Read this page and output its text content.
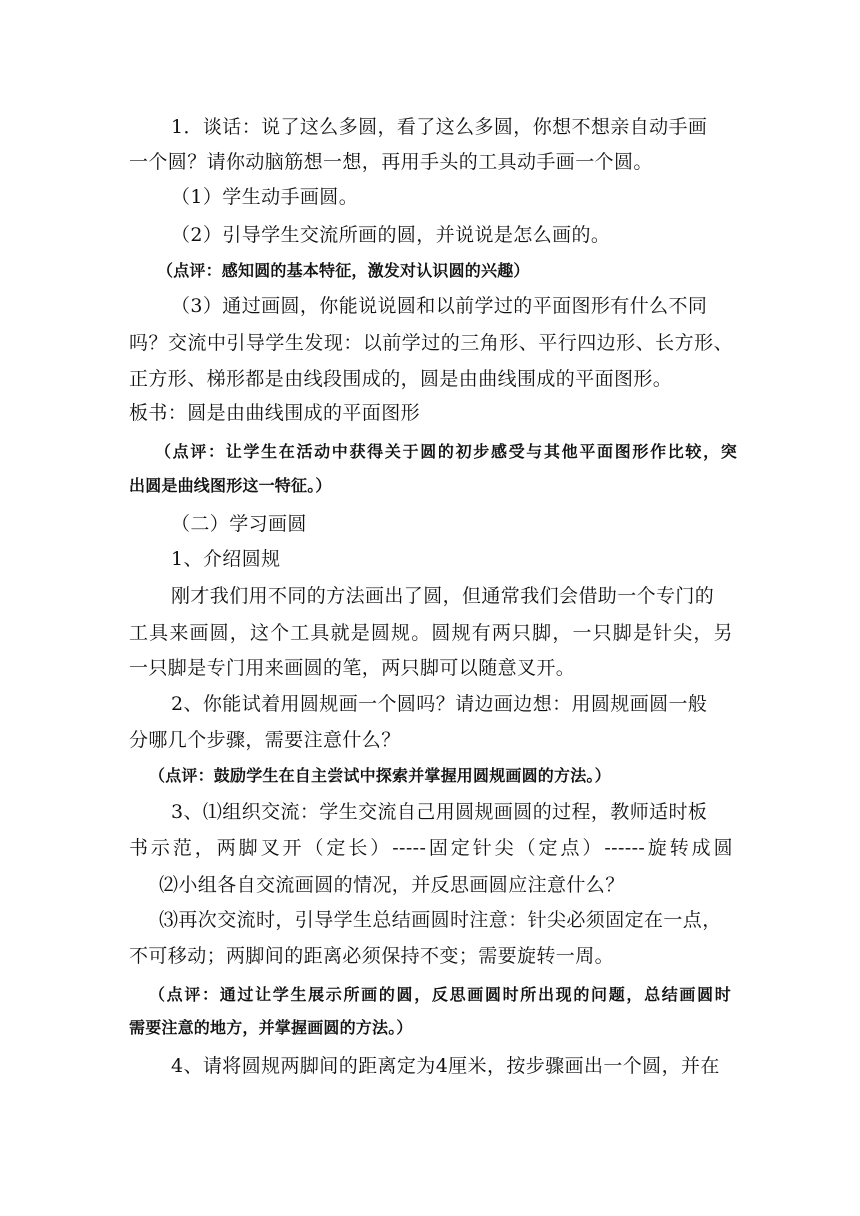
1．谈话：说了这么多圆，看了这么多圆，你想不想亲自动手画
一个圆？请你动脑筋想一想，再用手头的工具动手画一个圆。
（1）学生动手画圆。
（2）引导学生交流所画的圆，并说说是怎么画的。
（点评：感知圆的基本特征，激发对认识圆的兴趣）
（3）通过画圆，你能说说圆和以前学过的平面图形有什么不同
吗？交流中引导学生发现：以前学过的三角形、平行四边形、长方形、
正方形、梯形都是由线段围成的，圆是由曲线围成的平面图形。
板书：圆是由曲线围成的平面图形
（点评：让学生在活动中获得关于圆的初步感受与其他平面图形作比较，突
出圆是曲线图形这一特征。）
（二）学习画圆
1、介绍圆规
刚才我们用不同的方法画出了圆，但通常我们会借助一个专门的
工具来画圆，这个工具就是圆规。圆规有两只脚，一只脚是针尖，另
一只脚是专门用来画圆的笔，两只脚可以随意叉开。
2、你能试着用圆规画一个圆吗？请边画边想：用圆规画圆一般
分哪几个步骤，需要注意什么？
（点评：鼓励学生在自主尝试中探索并掌握用圆规画圆的方法。）
3、⑴组织交流：学生交流自己用圆规画圆的过程，教师适时板
书示范，两脚叉开（定长）-----固定针尖（定点）------旋转成圆
⑵小组各自交流画圆的情况，并反思画圆应注意什么？
⑶再次交流时，引导学生总结画圆时注意：针尖必须固定在一点，
不可移动；两脚间的距离必须保持不变；需要旋转一周。
（点评：通过让学生展示所画的圆，反思画圆时所出现的问题，总结画圆时
需要注意的地方，并掌握画圆的方法。）
4、请将圆规两脚间的距离定为4厘米，按步骤画出一个圆，并在
